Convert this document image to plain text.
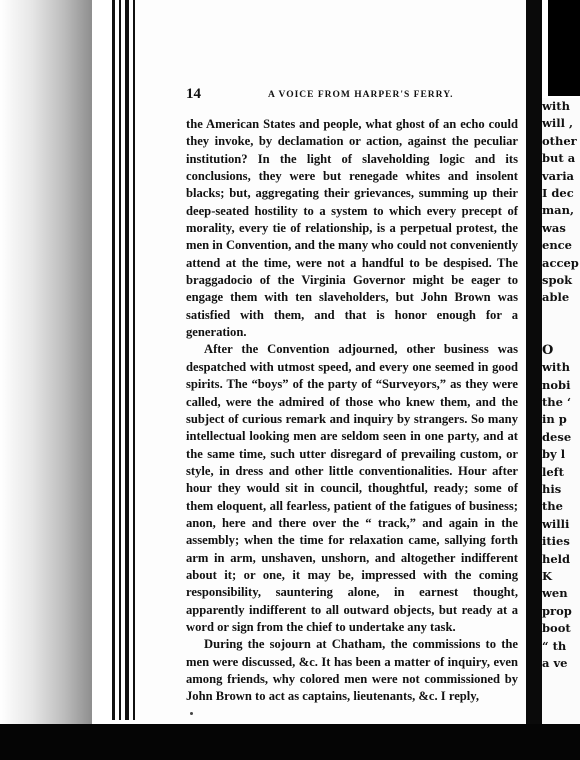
14	A VOICE FROM HARPER'S FERRY.

the American States and people, what ghost of an echo could they invoke, by declamation or action, against the peculiar institution? In the light of slaveholding logic and its conclusions, they were but renegade whites and insolent blacks; but, aggregating their grievances, summing up their deep-seated hostility to a system to which every precept of morality, every tie of relationship, is a perpetual protest, the men in Convention, and the many who could not conveniently attend at the time, were not a handful to be despised. The braggadocio of the Virginia Governor might be eager to engage them with ten slaveholders, but John Brown was satisfied with them, and that is honor enough for a generation.

After the Convention adjourned, other business was despatched with utmost speed, and every one seemed in good spirits. The “boys” of the party of “Surveyors,” as they were called, were the admired of those who knew them, and the subject of curious remark and inquiry by strangers. So many intellectual looking men are seldom seen in one party, and at the same time, such utter disregard of prevailing custom, or style, in dress and other little conventionalities. Hour after hour they would sit in council, thoughtful, ready; some of them eloquent, all fearless, patient of the fatigues of business; anon, here and there over the “ track,” and again in the assembly; when the time for relaxation came, sallying forth arm in arm, unshaven, unshorn, and altogether indifferent about it; or one, it may be, impressed with the coming responsibility, sauntering alone, in earnest thought, apparently indifferent to all outward objects, but ready at a word or sign from the chief to undertake any task.

During the sojourn at Chatham, the commissions to the men were discussed, &c. It has been a matter of inquiry, even among friends, why colored men were not commissioned by John Brown to act as captains, lieutenants, &c. I reply,

with
will ,
other
but a
varia
I dec
man,
was
ence
accep
spok
able

O
with
nobi
the ‘
in p
dese
by l
left
his
the
willi
ities
held
K
wen
prop
boot
“ th
a ve
